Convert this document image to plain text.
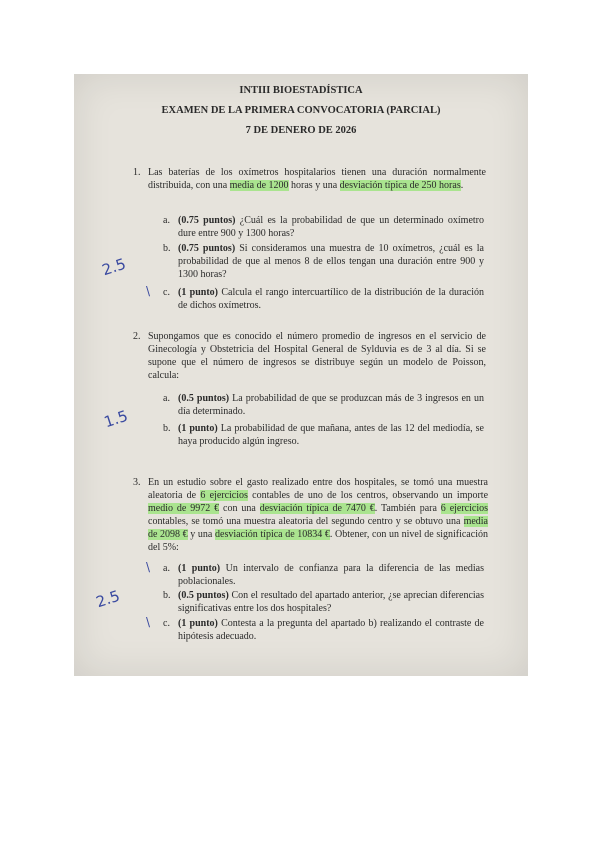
INTIII BIOESTADÍSTICA
EXAMEN DE LA PRIMERA CONVOCATORIA (PARCIAL)
7 DE DENERO DE 2026
1. Las baterías de los oxímetros hospitalarios tienen una duración normalmente distribuida, con una media de 1200 horas y una desviación típica de 250 horas.
a. (0.75 puntos) ¿Cuál es la probabilidad de que un determinado oxímetro dure entre 900 y 1300 horas?
b. (0.75 puntos) Si consideramos una muestra de 10 oxímetros, ¿cuál es la probabilidad de que al menos 8 de ellos tengan una duración entre 900 y 1300 horas?
c. (1 punto) Calcula el rango intercuartílico de la distribución de la duración de dichos oxímetros.
2. Supongamos que es conocido el número promedio de ingresos en el servicio de Ginecología y Obstetricia del Hospital General de Sylduvia es de 3 al día. Si se supone que el número de ingresos se distribuye según un modelo de Poisson, calcula:
a. (0.5 puntos) La probabilidad de que se produzcan más de 3 ingresos en un día determinado.
b. (1 punto) La probabilidad de que mañana, antes de las 12 del mediodía, se haya producido algún ingreso.
3. En un estudio sobre el gasto realizado entre dos hospitales, se tomó una muestra aleatoria de 6 ejercicios contables de uno de los centros, observando un importe medio de 9972 € con una desviación típica de 7470 €. También para 6 ejercicios contables, se tomó una muestra aleatoria del segundo centro y se obtuvo una media de 2098 € y una desviación típica de 10834 €. Obtener, con un nivel de significación del 5%:
a. (1 punto) Un intervalo de confianza para la diferencia de las medias poblacionales.
b. (0.5 puntos) Con el resultado del apartado anterior, ¿se aprecian diferencias significativas entre los dos hospitales?
c. (1 punto) Contesta a la pregunta del apartado b) realizando el contraste de hipótesis adecuado.
2.5
1.5
2.5
\
\
\
